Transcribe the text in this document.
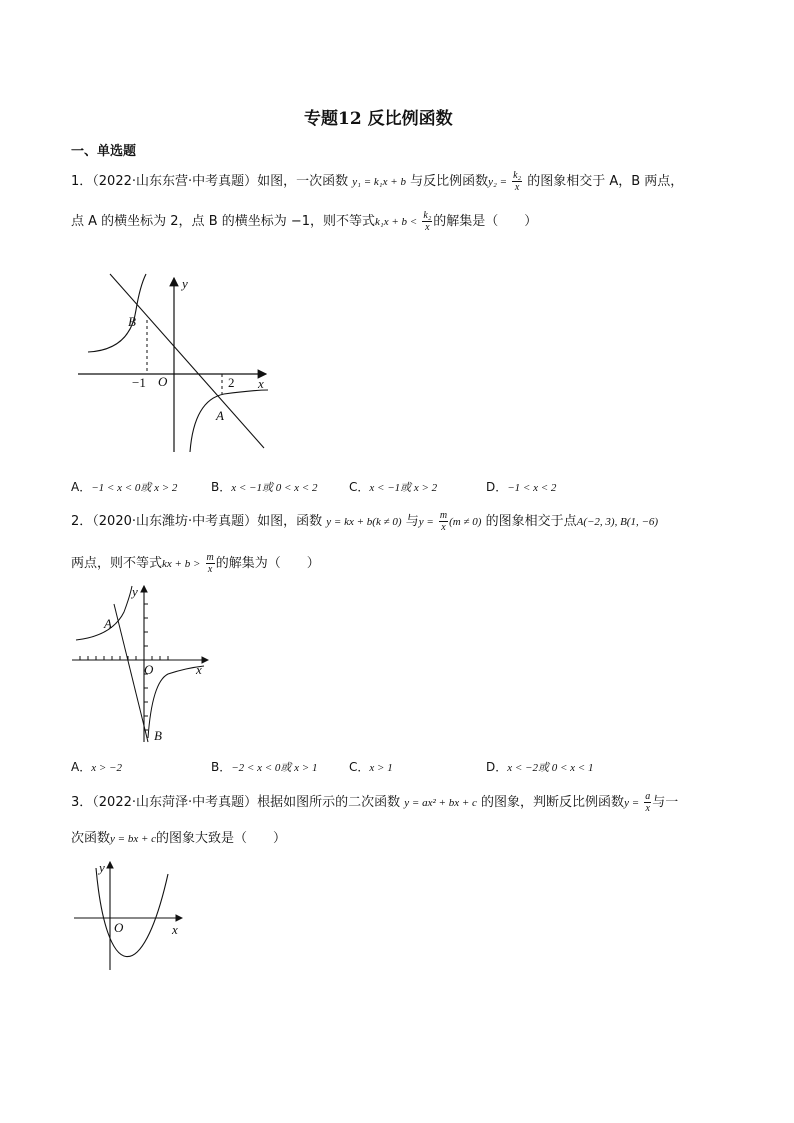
专题12 反比例函数
一、单选题
1．（2022·山东东营·中考真题）如图，一次函数 y₁ = k₁x + b 与反比例函数$y_2 = \frac{\text{k₂}}{x}$ 的图象相交于 A，B 两点，
点 A 的横坐标为 2，点 B 的横坐标为 −1，则不等式$k_1x + b < \frac{\text{k₂}}{x}$ 的解集是（　　）
y
x
O
B
A
−1	2
A．−1 < x < 0或 x > 2	B．x < −1或 0 < x < 2	C．x < −1或 x > 2	D．−1 < x < 2
2．（2020·山东潍坊·中考真题）如图，函数 y = kx + b(k ≠ 0) 与$y = \frac{m}{x} (m \ne 0)$ 的图象相交于点A(−2, 3), B(1, −6)
两点，则不等式kx + $b > \frac{m}{x}$ 的解集为（　　）
y
x
O
A
B
A．x > −2	B．−2 < x < 0或 x > 1	C．x > 1	D．x < −2或 0 < x < 1
3．（2022·山东菏泽·中考真题）根据如图所示的二次函数 y = ax² + bx + c 的图象，判断反比例函数$y = \frac{a}{x}$ 与一
次函数y = bx + c的图象大致是（　　）
y
x
O
